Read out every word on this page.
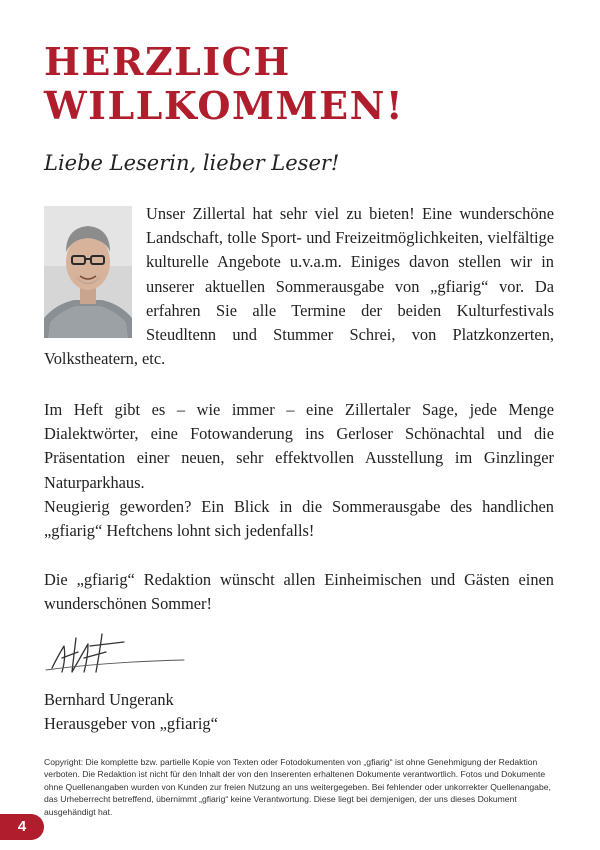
HERZLICH
WILLKOMMEN!

Liebe Leserin, lieber Leser!

Unser Zillertal hat sehr viel zu bieten! Eine wunderschöne Landschaft, tolle Sport- und Freizeitmöglichkeiten, vielfältige kulturelle Angebote u.v.a.m. Einiges davon stellen wir in unserer aktuellen Sommerausgabe von „gfiarig“ vor. Da erfahren Sie alle Termine der beiden Kulturfestivals Steudltenn und Stummer Schrei, von Platzkonzerten, Volkstheatern, etc.
Im Heft gibt es – wie immer – eine Zillertaler Sage, jede Menge Dialektwörter, eine Fotowanderung ins Gerloser Schönachtal und die Präsentation einer neuen, sehr effektvollen Ausstellung im Ginzlinger Naturparkhaus.
Neugierig geworden? Ein Blick in die Sommerausgabe des handlichen „gfiarig“ Heftchens lohnt sich jedenfalls!

Die „gfiarig“ Redaktion wünscht allen Einheimischen und Gästen einen wunderschönen Sommer!

Bernhard Ungerank
Herausgeber von „gfiarig“

Copyright: Die komplette bzw. partielle Kopie von Texten oder Fotodokumenten von „gfiarig“ ist ohne Genehmigung der Redaktion verboten. Die Redaktion ist nicht für den Inhalt der von den Inserenten erhaltenen Dokumente verantwortlich. Fotos und Dokumente ohne Quellenangaben wurden von Kunden zur freien Nutzung an uns weitergegeben. Bei fehlender oder unkorrekter Quellenangabe, das Urheberrecht betreffend, übernimmt „gfiarig“ keine Verantwortung. Diese liegt bei demjenigen, der uns dieses Dokument ausgehändigt hat.

4
